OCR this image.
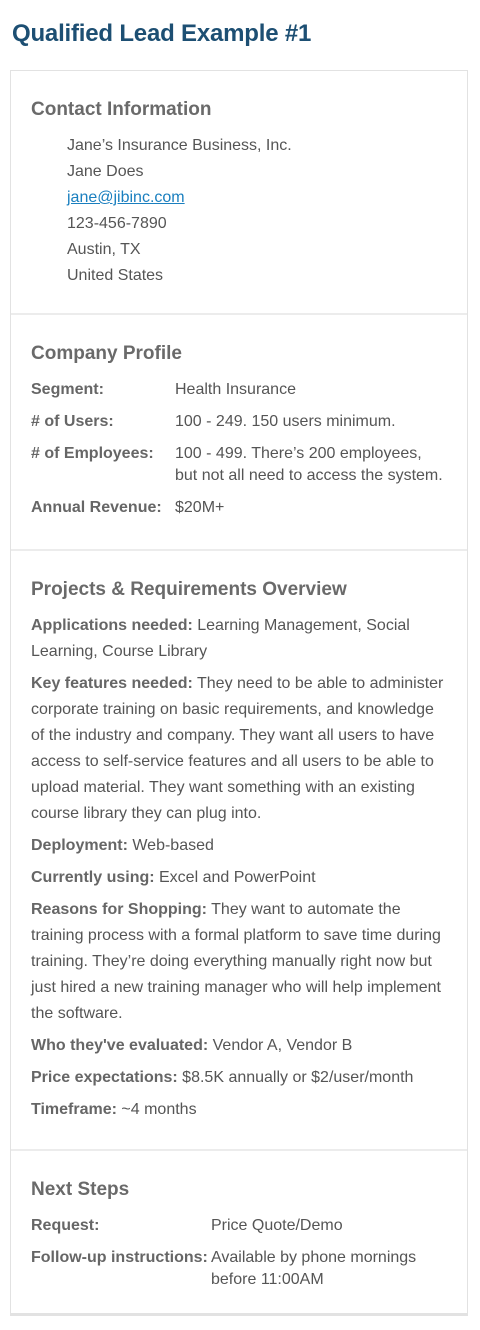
Qualified Lead Example #1
Contact Information
Jane’s Insurance Business, Inc.
Jane Does
jane@jibinc.com
123-456-7890
Austin, TX
United States
Company Profile
Segment:	Health Insurance
# of Users:	100 - 249. 150 users minimum.
# of Employees:	100 - 499. There’s 200 employees,
but not all need to access the system.
Annual Revenue: $20M+
Projects & Requirements Overview

Applications needed: Learning Management, Social Learning, Course Library

Key features needed: They need to be able to administer corporate training on basic requirements, and knowledge of the industry and company. They want all users to have access to self-service features and all users to be able to upload material. They want something with an existing course library they can plug into.

Deployment: Web-based

Currently using: Excel and PowerPoint

Reasons for Shopping: They want to automate the training process with a formal platform to save time during training. They’re doing everything manually right now but just hired a new training manager who will help implement the software.

Who they've evaluated: Vendor A, Vendor B

Price expectations: $8.5K annually or $2/user/month

Timeframe: ~4 months

Next Steps
Request:	Price Quote/Demo
Follow-up instructions: Available by phone mornings
before 11:00AM
